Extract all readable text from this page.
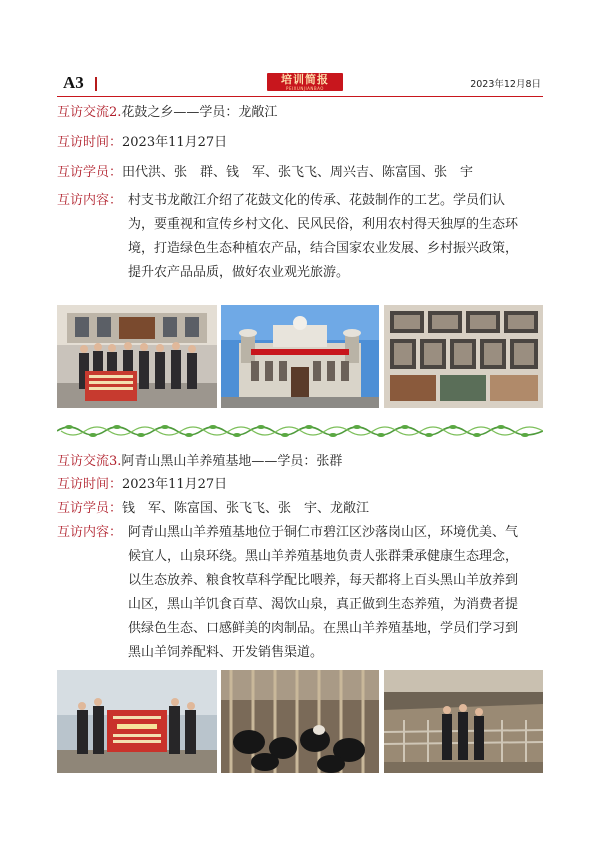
A3	培训简报
PEIXUNJIANBAO	2023年12月8日
互访交流2.花鼓之乡——学员：龙敞江
互访时间：2023年11月27日
互访学员：田代洪、张　群、钱　军、张飞飞、周兴吉、陈富国、张　宇
互访内容： 村支书龙敞江介绍了花鼓文化的传承、花鼓制作的工艺。学员们认
为，要重视和宣传乡村文化、民风民俗，利用农村得天独厚的生态环
境，打造绿色生态种植农产品，结合国家农业发展、乡村振兴政策，
提升农产品品质，做好农业观光旅游。
互访交流3.阿青山黑山羊养殖基地——学员：张群
互访时间：2023年11月27日
互访学员：钱　军、陈富国、张飞飞、张　宇、龙敞江
互访内容： 阿青山黑山羊养殖基地位于铜仁市碧江区沙落岗山区，环境优美、气
候宜人，山泉环绕。黑山羊养殖基地负责人张群秉承健康生态理念，
以生态放养、粮食牧草科学配比喂养，每天都将上百头黑山羊放养到
山区，黑山羊饥食百草、渴饮山泉，真正做到生态养殖，为消费者提
供绿色生态、口感鲜美的肉制品。在黑山羊养殖基地，学员们学习到
黑山羊饲养配料、开发销售渠道。
